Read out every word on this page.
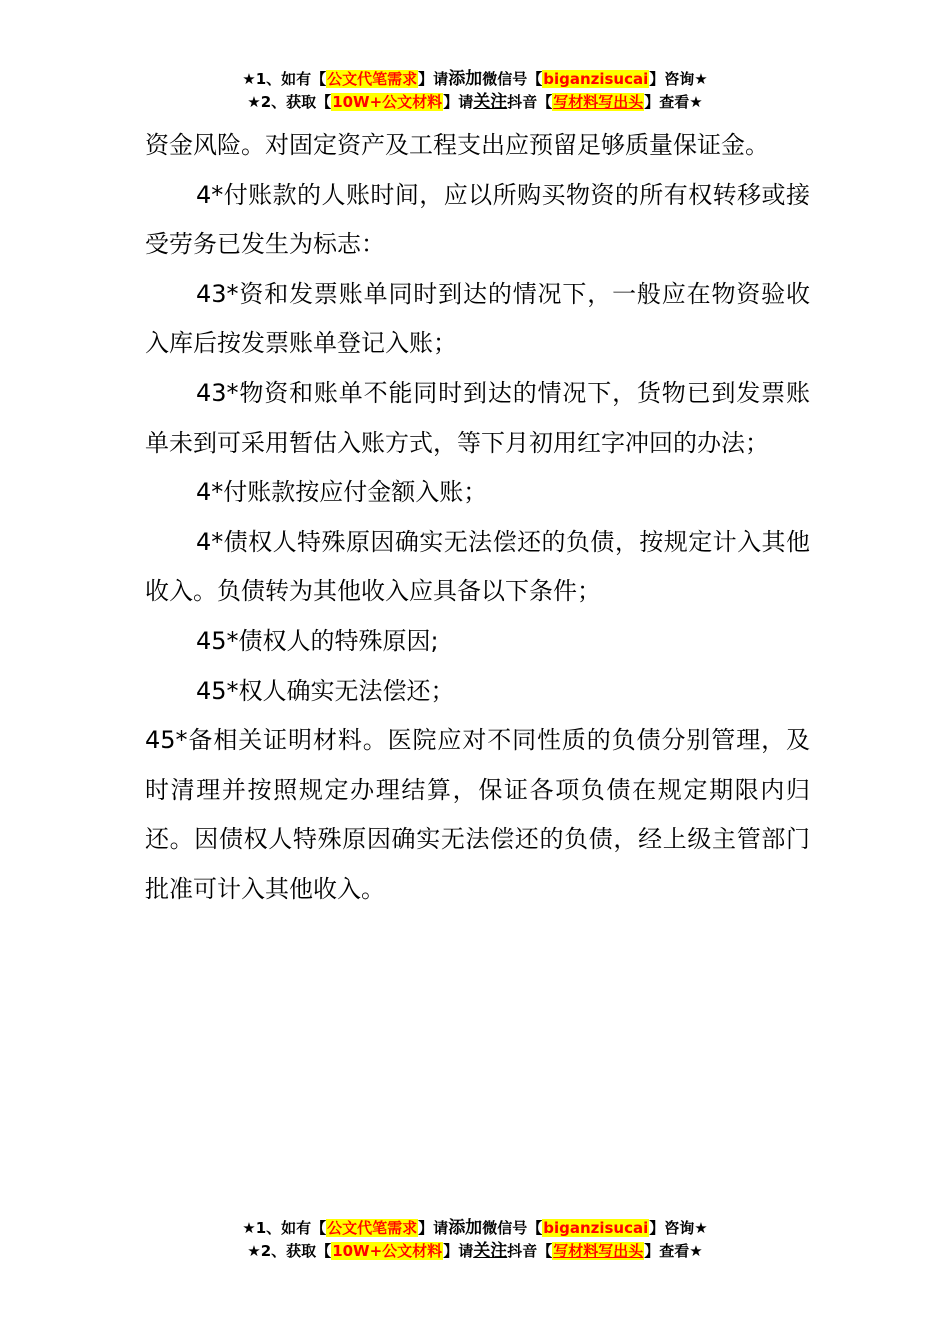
★1、如有【公文代笔需求】请添加微信号【biganzisucai】咨询★
★2、获取【10W+公文材料】请关注抖音【写材料写出头】查看★

资金风险。对固定资产及工程支出应预留足够质量保证金。

4*付账款的人账时间，应以所购买物资的所有权转移或接受劳务已发生为标志：

43*资和发票账单同时到达的情况下，一般应在物资验收入库后按发票账单登记入账；

43*物资和账单不能同时到达的情况下，货物已到发票账单未到可采用暂估入账方式，等下月初用红字冲回的办法；

4*付账款按应付金额入账；

4*债权人特殊原因确实无法偿还的负债，按规定计入其他收入。负债转为其他收入应具备以下条件；

45*债权人的特殊原因;

45*权人确实无法偿还；

45*备相关证明材料。医院应对不同性质的负债分别管理，及时清理并按照规定办理结算，保证各项负债在规定期限内归还。因债权人特殊原因确实无法偿还的负债，经上级主管部门批准可计入其他收入。

★1、如有【公文代笔需求】请添加微信号【biganzisucai】咨询★
★2、获取【10W+公文材料】请关注抖音【写材料写出头】查看★
